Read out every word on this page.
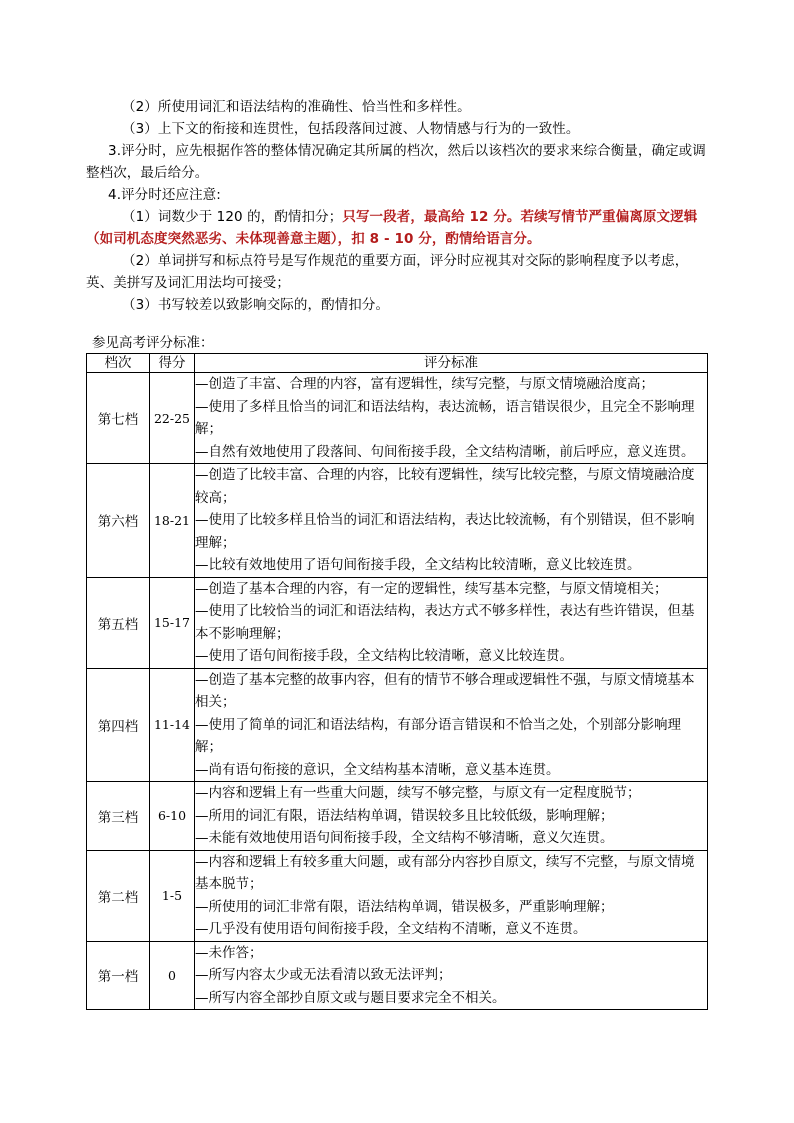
（2）所使用词汇和语法结构的准确性、恰当性和多样性。
（3）上下文的衔接和连贯性，包括段落间过渡、人物情感与行为的一致性。
3.评分时，应先根据作答的整体情况确定其所属的档次，然后以该档次的要求来综合衡量，确定或调整档次，最后给分。
4.评分时还应注意:
（1）词数少于 120 的，酌情扣分；只写一段者，最高给 12 分。若续写情节严重偏离原文逻辑（如司机态度突然恶劣、未体现善意主题），扣 8 - 10 分，酌情给语言分。
（2）单词拼写和标点符号是写作规范的重要方面，评分时应视其对交际的影响程度予以考虑，英、美拼写及词汇用法均可接受；
（3）书写较差以致影响交际的，酌情扣分。
参见高考评分标准：
档次	得分	评分标准
第七档	22-25	—创造了丰富、合理的内容，富有逻辑性，续写完整，与原文情境融洽度高；
—使用了多样且恰当的词汇和语法结构，表达流畅，语言错误很少，且完全不影响理解；
—自然有效地使用了段落间、句间衔接手段，全文结构清晰，前后呼应，意义连贯。

第六档	18-21	—创造了比较丰富、合理的内容，比较有逻辑性，续写比较完整，与原文情境融洽度较高；
—使用了比较多样且恰当的词汇和语法结构，表达比较流畅，有个别错误，但不影响理解；
—比较有效地使用了语句间衔接手段，全文结构比较清晰，意义比较连贯。

第五档	15-17	—创造了基本合理的内容，有一定的逻辑性，续写基本完整，与原文情境相关；
—使用了比较恰当的词汇和语法结构，表达方式不够多样性，表达有些许错误，但基本不影响理解；
—使用了语句间衔接手段，全文结构比较清晰，意义比较连贯。

第四档	11-14	—创造了基本完整的故事内容，但有的情节不够合理或逻辑性不强，与原文情境基本相关；
—使用了简单的词汇和语法结构，有部分语言错误和不恰当之处，个别部分影响理解；
—尚有语句衔接的意识，全文结构基本清晰，意义基本连贯。

第三档	6-10	—内容和逻辑上有一些重大问题，续写不够完整，与原文有一定程度脱节；
—所用的词汇有限，语法结构单调，错误较多且比较低级，影响理解；
—未能有效地使用语句间衔接手段，全文结构不够清晰，意义欠连贯。

第二档	1-5	—内容和逻辑上有较多重大问题，或有部分内容抄自原文，续写不完整，与原文情境基本脱节；
—所使用的词汇非常有限，语法结构单调，错误极多，严重影响理解；
—几乎没有使用语句间衔接手段，全文结构不清晰，意义不连贯。

第一档	0	—未作答；
—所写内容太少或无法看清以致无法评判；
—所写内容全部抄自原文或与题目要求完全不相关。
